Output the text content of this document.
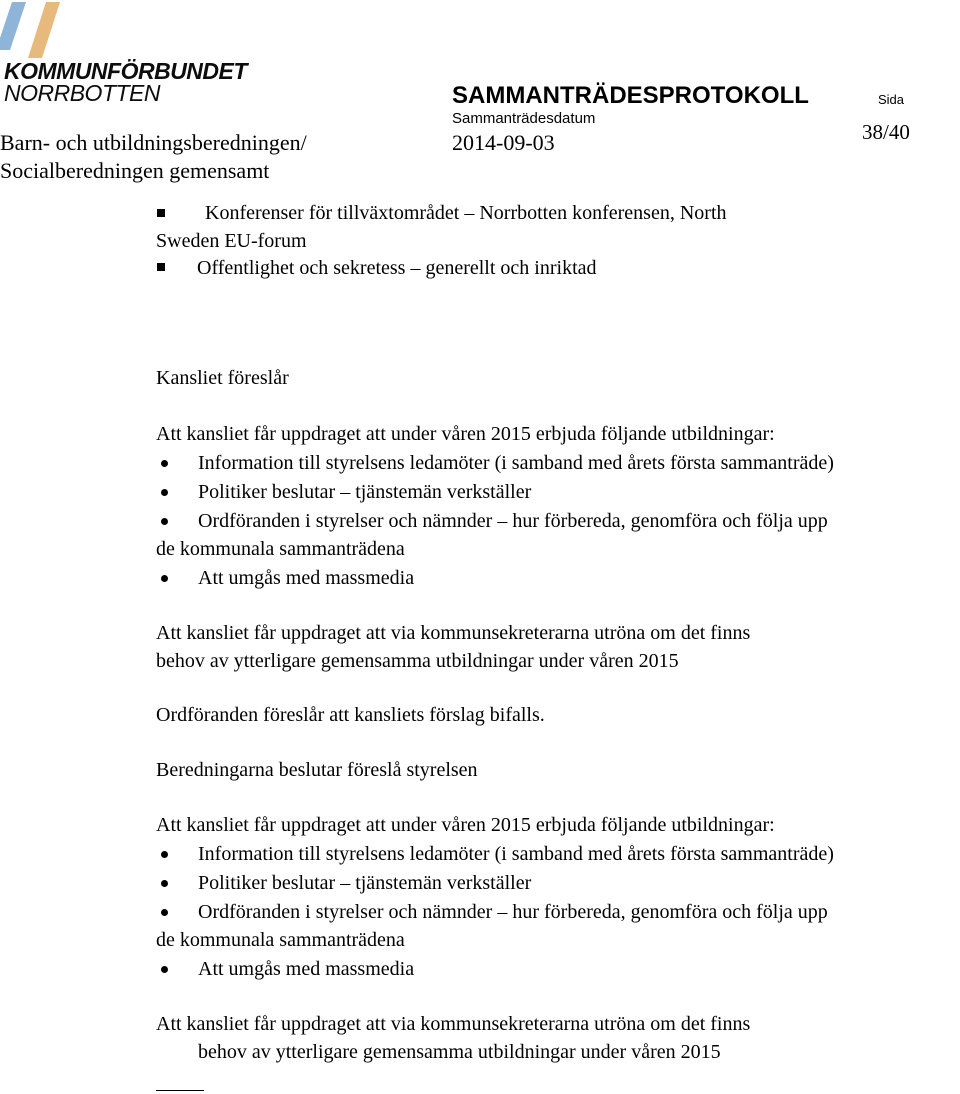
KOMMUNFÖRBUNDET
NORRBOTTEN
Barn- och utbildningsberedningen/
Socialberedningen gemensamt
SAMMANTRÄDESPROTOKOLL
Sammanträdesdatum
2014-09-03
Sida
38/40

Konferenser för tillväxtområdet – Norrbotten konferensen, North

Sweden EU-forum

Offentlighet och sekretess – generellt och inriktad

Kansliet föreslår

Att kansliet får uppdraget att under våren 2015 erbjuda följande utbildningar:

Information till styrelsens ledamöter (i samband med årets första sammanträde)

Politiker beslutar – tjänstemän verkställer

Ordföranden i styrelser och nämnder – hur förbereda, genomföra och följa upp

de kommunala sammanträdena

Att umgås med massmedia

Att kansliet får uppdraget att via kommunsekreterarna utröna om det finns

behov av ytterligare gemensamma utbildningar under våren 2015

Ordföranden föreslår att kansliets förslag bifalls.

Beredningarna beslutar föreslå styrelsen

Att kansliet får uppdraget att under våren 2015 erbjuda följande utbildningar:

Information till styrelsens ledamöter (i samband med årets första sammanträde)

Politiker beslutar – tjänstemän verkställer

Ordföranden i styrelser och nämnder – hur förbereda, genomföra och följa upp

de kommunala sammanträdena

Att umgås med massmedia

Att kansliet får uppdraget att via kommunsekreterarna utröna om det finns

behov av ytterligare gemensamma utbildningar under våren 2015
